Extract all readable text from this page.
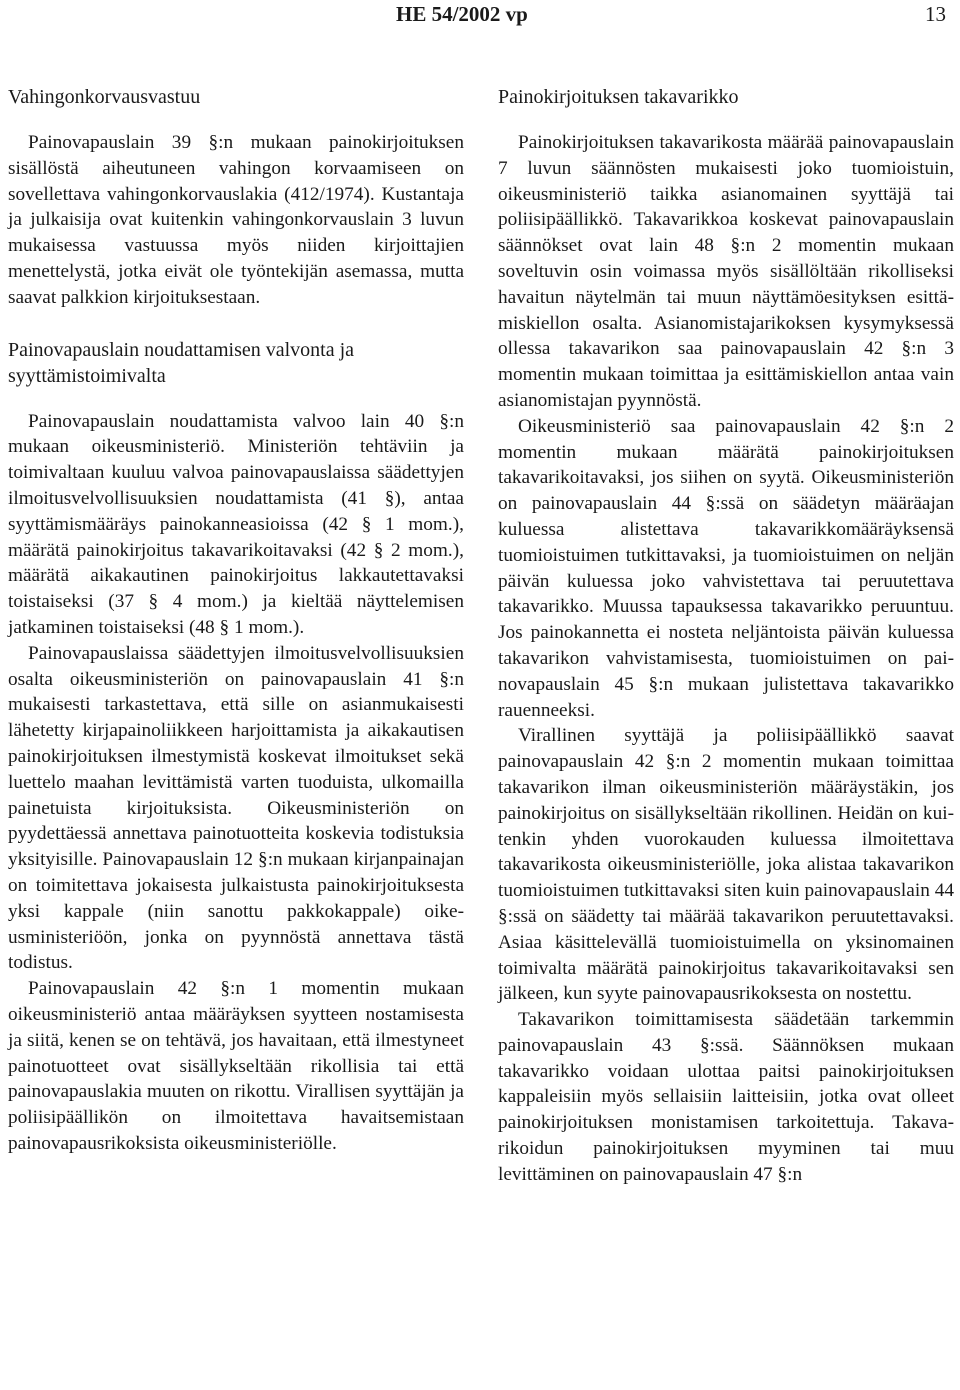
HE 54/2002 vp	13
Vahingonkorvausvastuu

Painovapauslain 39 §:n mukaan painokirjoituksen sisällöstä aiheutuneen vahingon korvaamiseen on sovellettava vahingonkorvauslakia (412/1974). Kustantaja ja julkaisija ovat kuitenkin vahingonkorvauslain 3 luvun mukaisessa vastuussa myös niiden kirjoittajien menettelystä, jotka eivät ole työntekijän asemassa, mutta saavat palkkion kirjoituksestaan.

Painovapauslain noudattamisen valvonta ja syyttämistoimivalta

Painovapauslain noudattamista valvoo lain 40 §:n mukaan oikeusministeriö. Ministeriön tehtäviin ja toimivaltaan kuuluu valvoa painovapauslaissa säädettyjen ilmoitusvelvollisuuksien noudattamista (41 §), antaa syyttämismääräys painokanneasioissa (42 § 1 mom.), määrätä painokirjoitus takavarikoitavaksi (42 § 2 mom.), määrätä aikakautinen painokirjoitus lakkautettavaksi toistaiseksi (37 § 4 mom.) ja kieltää näyttelemisen jatkaminen toistaiseksi (48 § 1 mom.).

Painovapauslaissa säädettyjen ilmoitusvelvollisuuksien osalta oikeusministeriön on painovapauslain 41 §:n mukaisesti tarkastettava, että sille on asianmukaisesti lähetetty kirjapainoliikkeen harjoittamista ja aikakautisen painokirjoituksen ilmestymistä koskevat ilmoitukset sekä luettelo maahan levittämistä varten tuoduista, ulkomailla painetuista kirjoituksista. Oikeusministeriön on pyydettäessä annettava painotuotteita koskevia todistuksia yksityisille. Painovapauslain 12 §:n mukaan kirjanpainajan on toimitettava jokaisesta julkaistusta painokirjoituksesta yksi kappale (niin sanottu pakkokappale) oikeusministeriöön, jonka on pyynnöstä annettava tästä todistus.

Painovapauslain 42 §:n 1 momentin mukaan oikeusministeriö antaa määräyksen syytteen nostamisesta ja siitä, kenen se on tehtävä, jos havaitaan, että ilmestyneet painotuotteet ovat sisällykseltään rikollisia tai että painovapauslakia muuten on rikottu. Virallisen syyttäjän ja poliisipäällikön on ilmoitettava havaitsemistaan painovapausrikoksista oikeusministeriölle.

Painokirjoituksen takavarikko

Painokirjoituksen takavarikosta määrää painovapauslain 7 luvun säännösten mukaisesti joko tuomioistuin, oikeusministeriö taikka asianomainen syyttäjä tai poliisipäällikkö. Takavarikkoa koskevat painovapauslain säännökset ovat lain 48 §:n 2 momentin mukaan soveltuvin osin voimassa myös sisällöltään rikolliseksi havaitun näytelmän tai muun näyttämöesityksen esittämiskiellon osalta. Asianomistajarikoksen kysymyksessä ollessa takavarikon saa painovapauslain 42 §:n 3 momentin mukaan toimittaa ja esittämiskiellon antaa vain asianomistajan pyynnöstä.

Oikeusministeriö saa painovapauslain 42 §:n 2 momentin mukaan määrätä painokirjoituksen takavarikoitavaksi, jos siihen on syytä. Oikeusministeriön on painovapauslain 44 §:ssä on säädetyn määräajan kuluessa alistettava takavarikkomääräyksensä tuomioistuimen tutkittavaksi, ja tuomioistuimen on neljän päivän kuluessa joko vahvistettava tai peruutettava takavarikko. Muussa tapauksessa takavarikko peruuntuu. Jos painokannetta ei nosteta neljäntoista päivän kuluessa takavarikon vahvistamisesta, tuomioistuimen on painovapauslain 45 §:n mukaan julistettava takavarikko rauenneeksi.

Virallinen syyttäjä ja poliisipäällikkö saavat painovapauslain 42 §:n 2 momentin mukaan toimittaa takavarikon ilman oikeusministeriön määräystäkin, jos painokirjoitus on sisällykseltään rikollinen. Heidän on kuitenkin yhden vuorokauden kuluessa ilmoitettava takavarikosta oikeusministeriölle, joka alistaa takavarikon tuomioistuimen tutkittavaksi siten kuin painovapauslain 44 §:ssä on säädetty tai määrää takavarikon peruutettavaksi. Asiaa käsittelevällä tuomioistuimella on yksinomainen toimivalta määrätä painokirjoitus takavarikoitavaksi sen jälkeen, kun syyte painovapausrikoksesta on nostettu.

Takavarikon toimittamisesta säädetään tarkemmin painovapauslain 43 §:ssä. Säännöksen mukaan takavarikko voidaan ulottaa paitsi painokirjoituksen kappaleisiin myös sellaisiin laitteisiin, jotka ovat olleet painokirjoituksen monistamisen tarkoitettuja. Takavarikoidun painokirjoituksen myyminen tai muu levittäminen on painovapauslain 47 §:n
